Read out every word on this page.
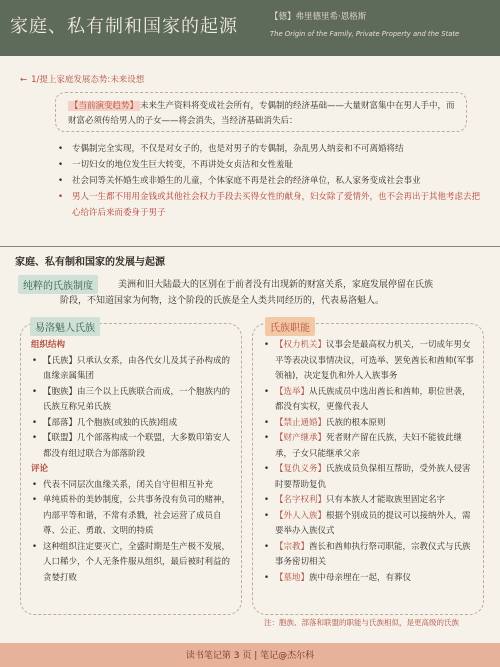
家庭、私有制和国家的起源	【德】弗里德里希·恩格斯
The Origin of the Family, Private Property and the State
← 1/提上家庭发展态势:未来设想
【当前演变趋势】 未来生产资料将变成社会所有，专偶制的经济基础——大量财富集中在男人手中，而财富必须传给男人的子女——将会消失，当经济基础消失后：
• 专偶制完全实现，不仅是对女子的，也是对男子的专偶制，杂乱男人纳妾和不可离婚将结
• 一切妇女的地位发生巨大转变，不再讲处女贞洁和女性羞耻
• 社会同等关怀婚生或非婚生的儿童，个体家庭不再是社会的经济单位，私人家务变成社会事业
• 男人一生都不用用金钱或其他社会权力手段去买得女性的献身，妇女除了爱情外，也不会再出于其他考虑去把心给许后来而委身于男子
家庭、私有制和国家的发展与起源
纯粹的氏族制度	美洲和旧大陆最大的区别在于前者没有出现新的财富关系，家庭发展停留在氏族
阶段，不知道国家为何物，这个阶段的氏族是全人类共同经历的，代表易洛魁人。
组织结构
• 【氏族】只承认女系，由各代女儿及其子孙构成的血缘亲属集团
• 【胞族】由三个以上氏族联合而成，一个胞族内的氏族互称兄弟氏族
• 【部落】几个胞族(或独的氏族)组成
• 【联盟】几个部落构成一个联盟，大多数印第安人都没有组过联合为部落阶段
评论
• 代表不同层次血缘关系，闭关自守但相互补充
• 单纯质朴的美妙制度，公共事务没有负司的赌神，内部平等和谐，不常有杀戮，社会运营了成员自尊、公正、勇敢、文明的特质
• 这种组织注定要灭亡，全盛时期是生产极不发展，人口稀少，个人无条件服从组织，最后被时利益的贪婪打败
易洛魁人氏族
• 【权力机关】议事会是最高权力机关，一切成年男女平等表决议事情决议，可选举、罢免酋长和酋帅(军事领袖)，决定复仇和外人入族事务
• 【选举】从氏族成员中选出酋长和酋帅，职位世袭，都没有实权，更像代表人
• 【禁止通婚】氏族的根本原则
• 【财产继承】死者财产留在氏族，夫妇不能彼此继承，子女只能继承父亲
• 【复仇义务】氏族成员负保相互帮助，受外族人侵害时要帮助复仇
• 【名字权利】只有本族人才能取族里固定名字
• 【外人入族】根据个别成员的提议可以接纳外人，需要举办入族仪式
• 【宗教】酋长和酋帅执行祭司职能，宗教仪式与氏族事务密切相关
• 【墓地】族中母亲埋在一起，有葬仪
氏族职能
注：胞族、部落和联盟的职能与氏族相似，是更高级的氏族
读书笔记第 3 页 | 笔记@杰尔科
